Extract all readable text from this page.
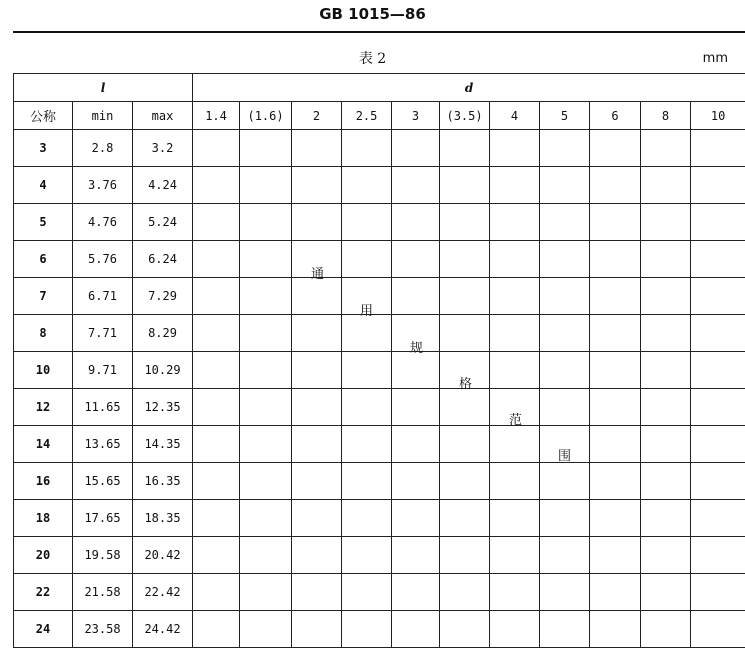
GB 1015—86
表 2	mm
l			d										
公称	min	max	1.4	(1.6)	2	2.5	3	(3.5)	4	5	6	8	10
3	2.8	3.2											
4	3.76	4.24											
5	4.76	5.24											
6	5.76	6.24											
7	6.71	7.29											
8	7.71	8.29											
10	9.71	10.29											
12	11.65	12.35											
14	13.65	14.35											
16	15.65	16.35											
18	17.65	18.35											
20	19.58	20.42											
22	21.58	22.42											
24	23.58	24.42											
通
用
规
格
范
围
